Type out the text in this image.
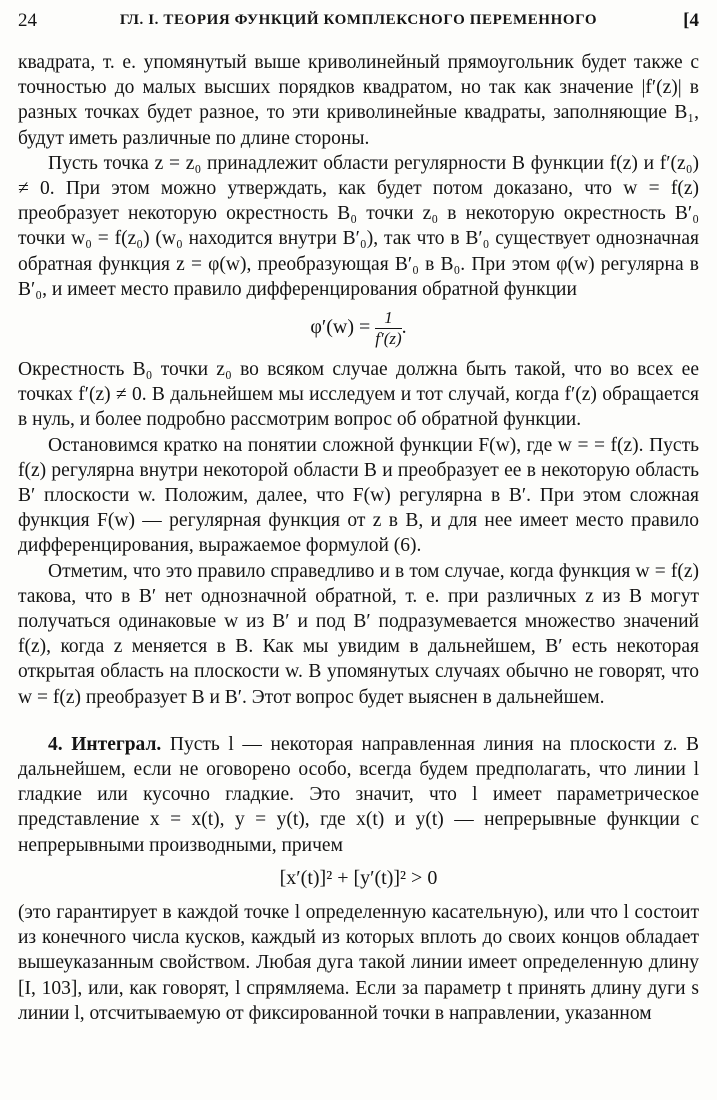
24	ГЛ. I. ТЕОРИЯ ФУНКЦИЙ КОМПЛЕКСНОГО ПЕРЕМЕННОГО	[4

квадрата, т. е. упомянутый выше криволинейный прямоугольник будет также с точностью до малых высших порядков квадратом, но так как значение |f′(z)| в разных точках будет разное, то эти криволинейные квадраты, заполняющие B₁, будут иметь различные по длине стороны.

Пусть точка z = z₀ принадлежит области регулярности B функции f(z) и f′(z₀) ≠ 0. При этом можно утверждать, как будет потом доказано, что w = f(z) преобразует некоторую окрестность B₀ точки z₀ в некоторую окрестность B′₀ точки w₀ = f(z₀) (w₀ находится внутри B′₀), так что в B′₀ существует однозначная обратная функция z = φ(w), преобразующая B′₀ в B₀. При этом φ(w) регулярна в B′₀, и имеет место правило дифференцирования обратной функции

$\varphi'(w) = \frac{1}{f'(z)}$ .

Окрестность B₀ точки z₀ во всяком случае должна быть такой, что во всех ее точках f′(z) ≠ 0. В дальнейшем мы исследуем и тот случай, когда f′(z) обращается в нуль, и более подробно рассмотрим вопрос об обратной функции.

Остановимся кратко на понятии сложной функции F(w), где w = = f(z). Пусть f(z) регулярна внутри некоторой области B и преобразует ее в некоторую область B′ плоскости w. Положим, далее, что F(w) регулярна в B′. При этом сложная функция F(w) — регулярная функция от z в B, и для нее имеет место правило дифференцирования, выражаемое формулой (6).

Отметим, что это правило справедливо и в том случае, когда функция w = f(z) такова, что в B′ нет однозначной обратной, т. е. при различных z из B могут получаться одинаковые w из B′ и под B′ подразумевается множество значений f(z), когда z меняется в B. Как мы увидим в дальнейшем, B′ есть некоторая открытая область на плоскости w. В упомянутых случаях обычно не говорят, что w = f(z) преобразует B и B′. Этот вопрос будет выяснен в дальнейшем.

4. Интеграл. Пусть l — некоторая направленная линия на плоскости z. В дальнейшем, если не оговорено особо, всегда будем предполагать, что линии l гладкие или кусочно гладкие. Это значит, что l имеет параметрическое представление x = x(t), y = y(t), где x(t) и y(t) — непрерывные функции с непрерывными производными, причем

[x′(t)]² + [y′(t)]² > 0

(это гарантирует в каждой точке l определенную касательную), или что l состоит из конечного числа кусков, каждый из которых вплоть до своих концов обладает вышеуказанным свойством. Любая дуга такой линии имеет определенную длину [I, 103], или, как говорят, l спрямляема. Если за параметр t принять длину дуги s линии l, отсчитываемую от фиксированной точки в направлении, указанном
